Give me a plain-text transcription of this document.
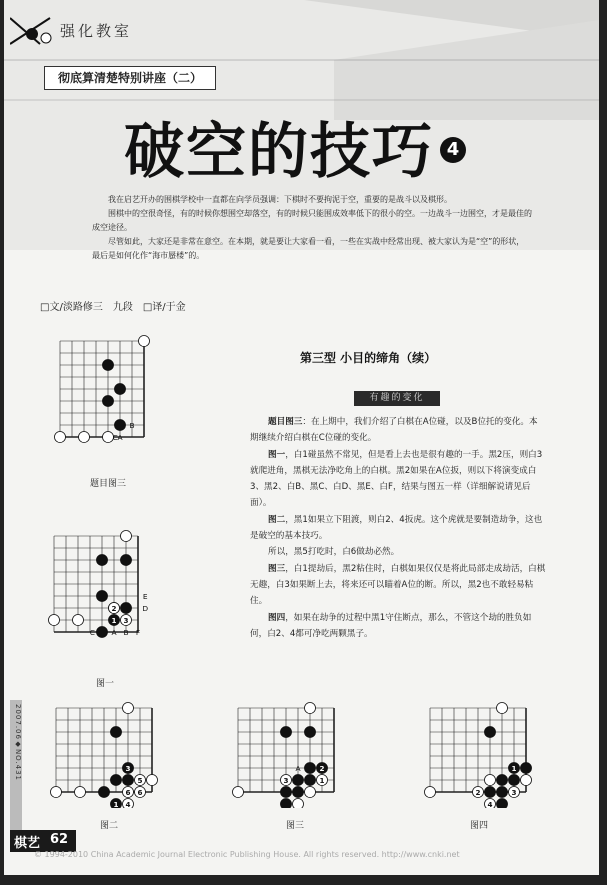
强化教室
彻底算清楚特别讲座（二）
破空的技巧 4

我在启艺开办的围棋学校中一直都在向学员强调：下棋时不要拘泥于空，重要的是战斗以及棋形。

围棋中的空很奇怪，有的时候你想围空却落空，有的时候只能围成效率低下的很小的空。一边战斗一边围空，才是最佳的成空途径。

尽管如此，大家还是非常在意空。在本期，就是要让大家看一看，一些在实战中经常出现、被大家认为是“空”的形状，最后是如何化作“海市蜃楼”的。

□文/淡路修三　九段　□译/于金
第三型 小目的缔角（续）
有趣的变化

题目图三：在上期中，我们介绍了白棋在A位碰，以及B位托的变化。本期继续介绍白棋在C位碰的变化。

图一，白1碰虽然不常见，但是看上去也是很有趣的一手。黑2压，则白3就爬进角，黑棋无法净吃角上的白棋。黑2如果在A位扳，则以下将演变成白3、黑2、白B、黑C、白D、黑E、白F，结果与图五一样（详细解说请见后面）。

图二，黑1如果立下阻渡，则白2、4扳虎。这个虎就是要制造劫争，这也是破空的基本技巧。

所以，黑5打吃时，白6做劫必然。

图三，白1提劫后，黑2粘住时，白棋如果仅仅是将此局部走成劫活，白棋无趣，白3如果断上去，将来还可以瞄着A位的断。所以，黑2也不敢轻易粘住。

图四，如果在劫争的过程中黑1守住断点，那么，不管这个劫的胜负如何，白2、4都可净吃两颗黑子。

A
B
C
题目图三
2
1 3
E
D
A B F
C
图一
3
5
6 6
1 4
图二
2
3	1
A
图三
1
2	3
4
图四
2007.06◆NO.431
棋艺 62
© 1994-2010 China Academic Journal Electronic Publishing House. All rights reserved. http://www.cnki.net
